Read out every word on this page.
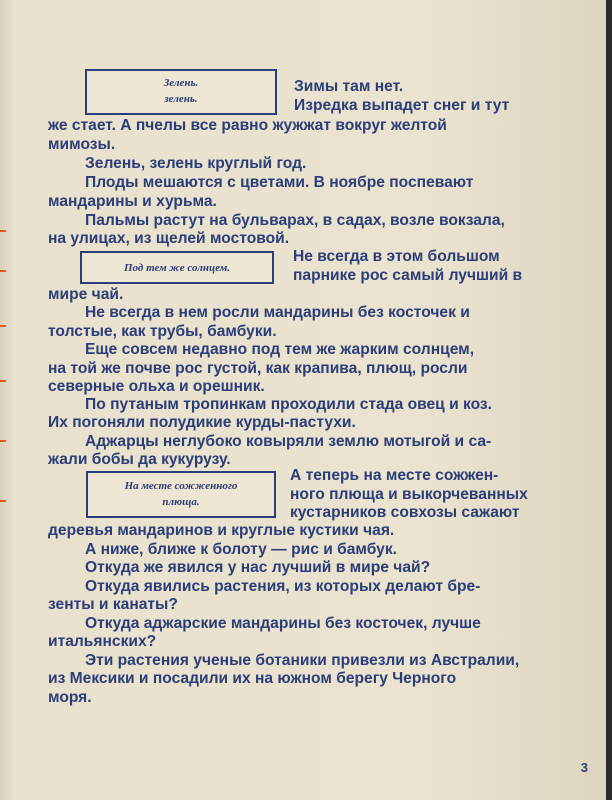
Зелень.
зелень.
Под тем же солнцем.
На месте сожженного
плюща.
Зимы там нет.
Изредка выпадет снег и тут
же стает. А пчелы все равно жужжат вокруг желтой
мимозы.
Зелень, зелень круглый год.
Плоды мешаются с цветами. В ноябре поспевают
мандарины и хурьма.
Пальмы растут на бульварах, в садах, возле вокзала,
на улицах, из щелей мостовой.
Не всегда в этом большом
парнике рос самый лучший в
мире чай.
Не всегда в нем росли мандарины без косточек и
толстые, как трубы, бамбуки.
Еще совсем недавно под тем же жарким солнцем,
на той же почве рос густой, как крапива, плющ, росли
северные ольха и орешник.
По путаным тропинкам проходили стада овец и коз.
Их погоняли полудикие курды-пастухи.
Аджарцы неглубоко ковыряли землю мотыгой и са-
жали бобы да кукурузу.
А теперь на месте сожжен-
ного плюща и выкорчеванных
кустарников совхозы сажают
деревья мандаринов и круглые кустики чая.
А ниже, ближе к болоту — рис и бамбук.
Откуда же явился у нас лучший в мире чай?
Откуда явились растения, из которых делают бре-
зенты и канаты?
Откуда аджарские мандарины без косточек, лучше
итальянских?
Эти растения ученые ботаники привезли из Австралии,
из Мексики и посадили их на южном берегу Черного
моря.
3
